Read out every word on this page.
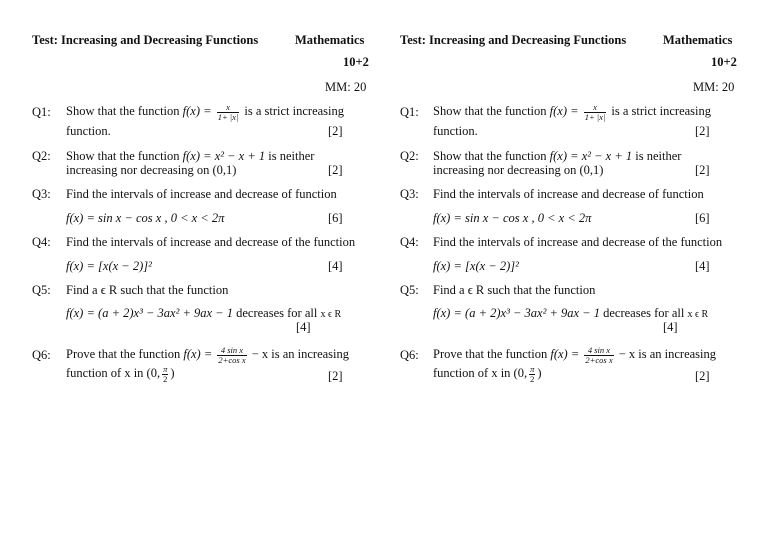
Test: Increasing and Decreasing Functions	Mathematics
10+2
MM: 20
Q1: Show that the function $f(x) = \frac{x}{1+ |x|}$ is a strict increasing
function.	[2]
Q2: Show that the function f(x) = x² − x + 1 is neither
increasing nor decreasing on (0,1)	[2]
Q3: Find the intervals of increase and decrease of function
f(x) = sin x − cos x , 0 < x < 2π	[6]
Q4: Find the intervals of increase and decrease of the function
f(x) = [x(x − 2)]²	[4]
Q5: Find a ϵ R such that the function
f(x) = (a + 2)x³ − 3ax² + 9ax − 1 decreases for all x ϵ R
[4]
Q6: Prove that the function $f(x) = \frac{\text{4 sin x}}{\text{2+cos x}} - x$ is an increasing
function of x in (0, $\frac{\pi}{2}$ )	[2]
Test: Increasing and Decreasing Functions	Mathematics
10+2
MM: 20
Q1: Show that the function $f(x) = \frac{x}{1+ |x|}$ is a strict increasing
function.	[2]
Q2: Show that the function f(x) = x² − x + 1 is neither
increasing nor decreasing on (0,1)	[2]
Q3: Find the intervals of increase and decrease of function
f(x) = sin x − cos x , 0 < x < 2π	[6]
Q4: Find the intervals of increase and decrease of the function
f(x) = [x(x − 2)]²	[4]
Q5: Find a ϵ R such that the function
f(x) = (a + 2)x³ − 3ax² + 9ax − 1 decreases for all x ϵ R
[4]
Q6: Prove that the function $f(x) = \frac{\text{4 sin x}}{\text{2+cos x}} - x$ is an increasing
function of x in (0, $\frac{\pi}{2}$ )	[2]
